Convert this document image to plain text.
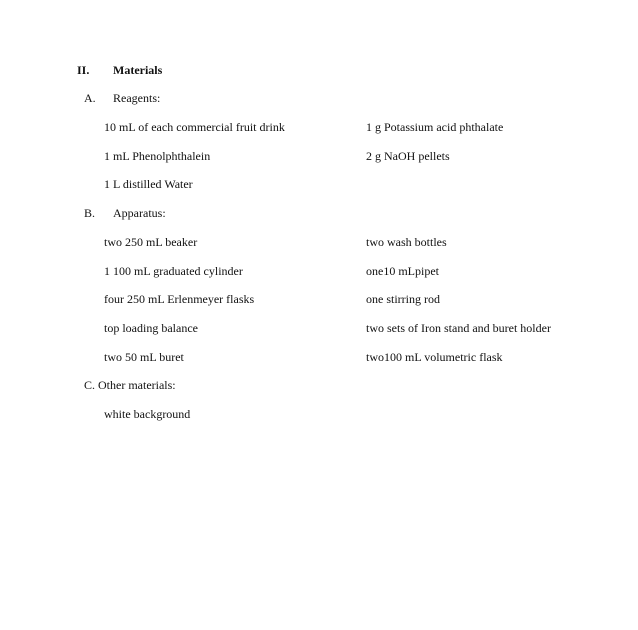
II. Materials
A. Reagents:
10 mL of each commercial fruit drink
1 mL Phenolphthalein
1 L distilled Water
1 g Potassium acid phthalate
2 g NaOH pellets
B. Apparatus:
two 250 mL beaker
1 100 mL graduated cylinder
four 250 mL Erlenmeyer flasks
top loading balance
two 50 mL buret
two wash bottles
one10 mLpipet
one stirring rod
two sets of Iron stand and buret holder
two100 mL volumetric flask
C. Other materials:
white background
